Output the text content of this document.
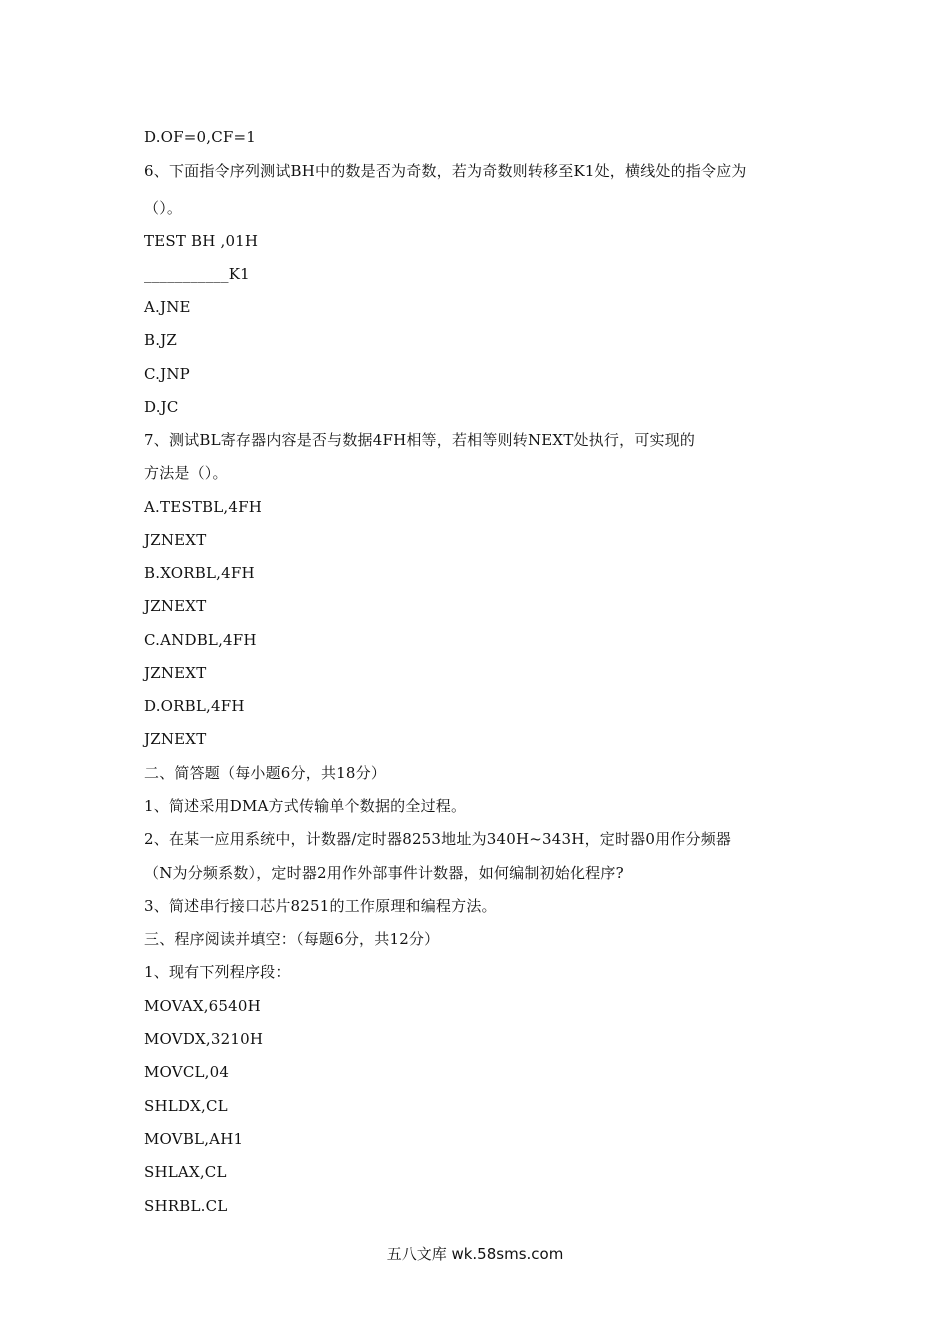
D.OF=0,CF=1
6、下面指令序列测试BH中的数是否为奇数，若为奇数则转移至K1处，横线处的指令应为
（）。
TEST BH ,01H
___________K1
A.JNE
B.JZ
C.JNP
D.JC
7、测试BL寄存器内容是否与数据4FH相等，若相等则转NEXT处执行，可实现的
方法是（）。
A.TESTBL,4FH
JZNEXT
B.XORBL,4FH
JZNEXT
C.ANDBL,4FH
JZNEXT
D.ORBL,4FH
JZNEXT
二、简答题（每小题6分，共18分）
1、简述采用DMA方式传输单个数据的全过程。
2、在某一应用系统中，计数器/定时器8253地址为340H~343H，定时器0用作分频器
（N为分频系数），定时器2用作外部事件计数器，如何编制初始化程序?
3、简述串行接口芯片8251的工作原理和编程方法。
三、程序阅读并填空：（每题6分，共12分）
1、现有下列程序段：
MOVAX,6540H
MOVDX,3210H
MOVCL,04
SHLDX,CL
MOVBL,AH1
SHLAX,CL
SHRBL.CL
五八文库 wk.58sms.com
